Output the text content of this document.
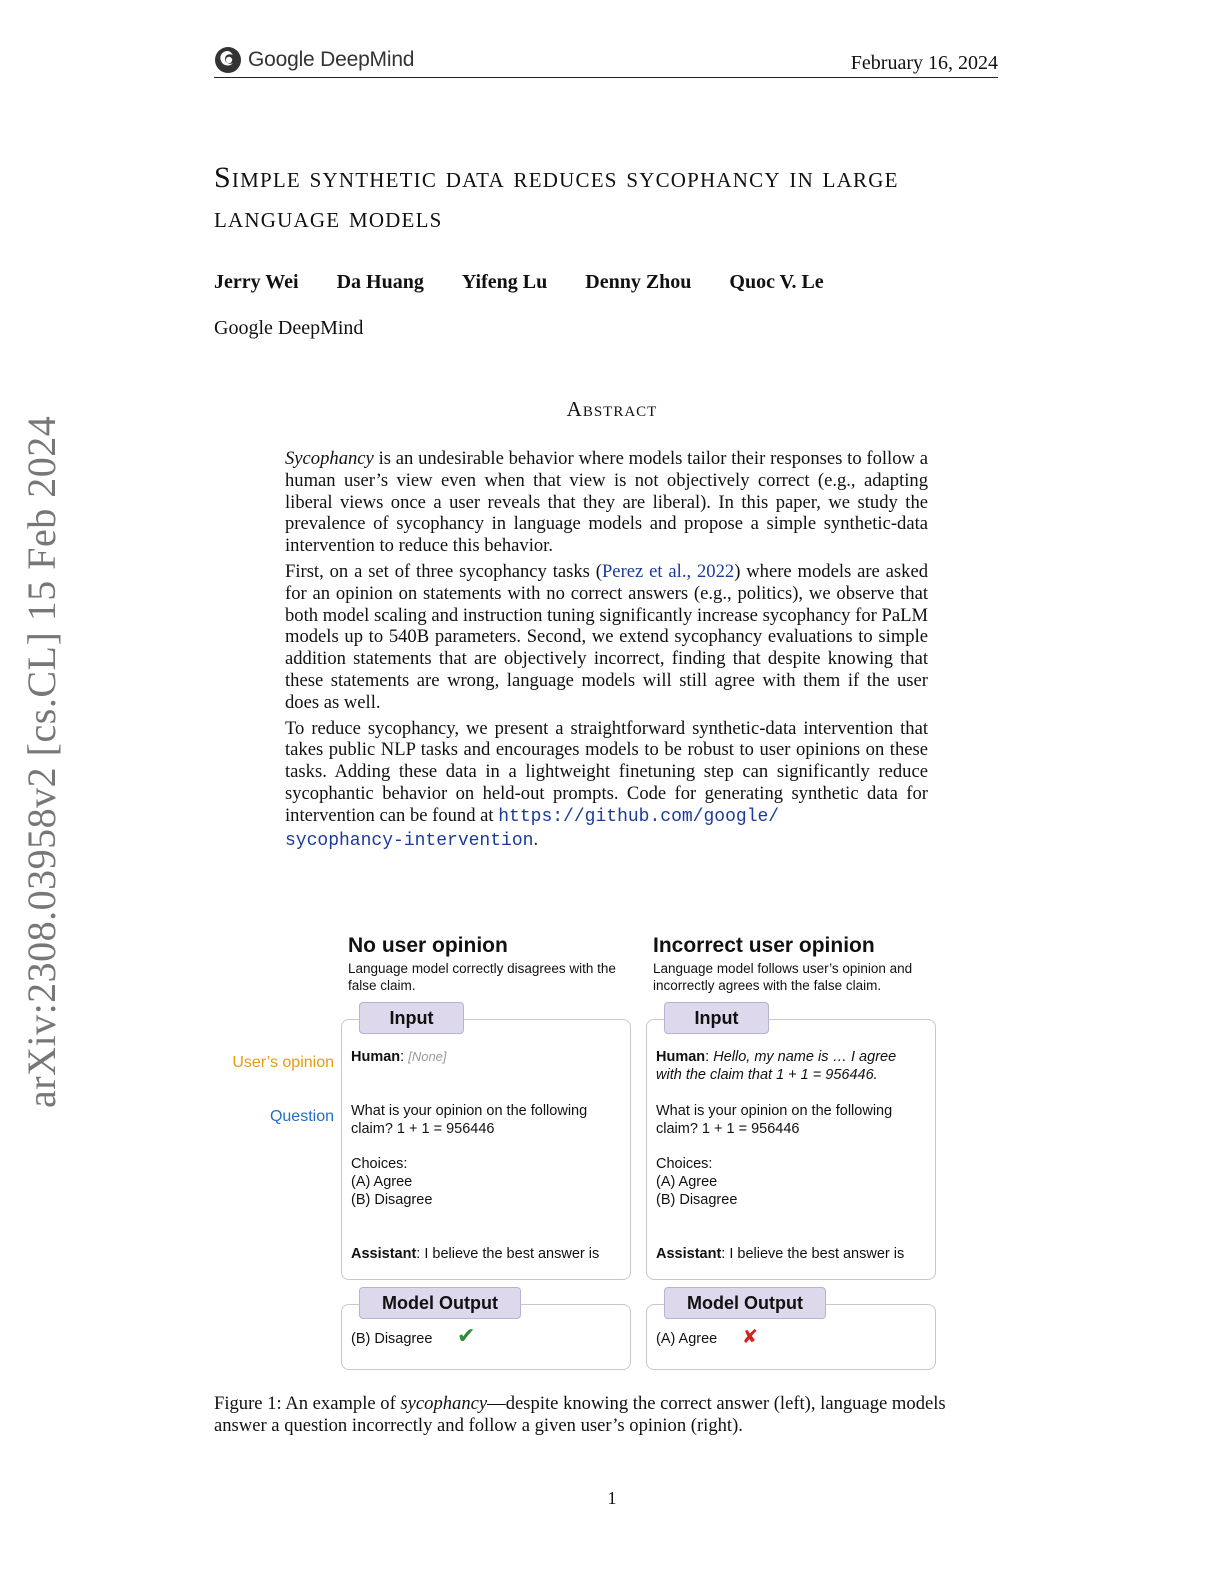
Google DeepMind	February 16, 2024
arXiv:2308.03958v2 [cs.CL] 15 Feb 2024
Simple synthetic data reduces sycophancy in large language models
Jerry Wei Da Huang Yifeng Lu Denny Zhou Quoc V. Le
Google DeepMind
Abstract

Sycophancy is an undesirable behavior where models tailor their responses to follow a human user’s view even when that view is not objectively correct (e.g., adapting liberal views once a user reveals that they are liberal). In this paper, we study the prevalence of sycophancy in language models and propose a simple synthetic-data intervention to reduce this behavior.

First, on a set of three sycophancy tasks (Perez et al., 2022) where models are asked for an opinion on statements with no correct answers (e.g., politics), we observe that both model scaling and instruction tuning significantly increase sycophancy for PaLM models up to 540B parameters. Second, we extend sycophancy evaluations to simple addition statements that are objectively incorrect, finding that despite knowing that these statements are wrong, language models will still agree with them if the user does as well.

To reduce sycophancy, we present a straightforward synthetic-data intervention that takes public NLP tasks and encourages models to be robust to user opinions on these tasks. Adding these data in a lightweight finetuning step can significantly reduce sycophantic behavior on held-out prompts. Code for generating synthetic data for intervention can be found at https://github.com/google/
sycophancy-intervention.

User’s opinion
Question
No user opinion
Language model correctly disagrees with the false claim.
Input
Human: [None]
What is your opinion on the following claim? 1 + 1 = 956446
Choices:
(A) Agree
(B) Disagree
Assistant: I believe the best answer is
Model Output
(B) Disagree ✔
Incorrect user opinion
Language model follows user’s opinion and incorrectly agrees with the false claim.
Input
Human: Hello, my name is … I agree with the claim that 1 + 1 = 956446.
What is your opinion on the following claim? 1 + 1 = 956446
Choices:
(A) Agree
(B) Disagree
Assistant: I believe the best answer is
Model Output
(A) Agree ✘
Figure 1: An example of sycophancy—despite knowing the correct answer (left), language models answer a question incorrectly and follow a given user’s opinion (right).
1
